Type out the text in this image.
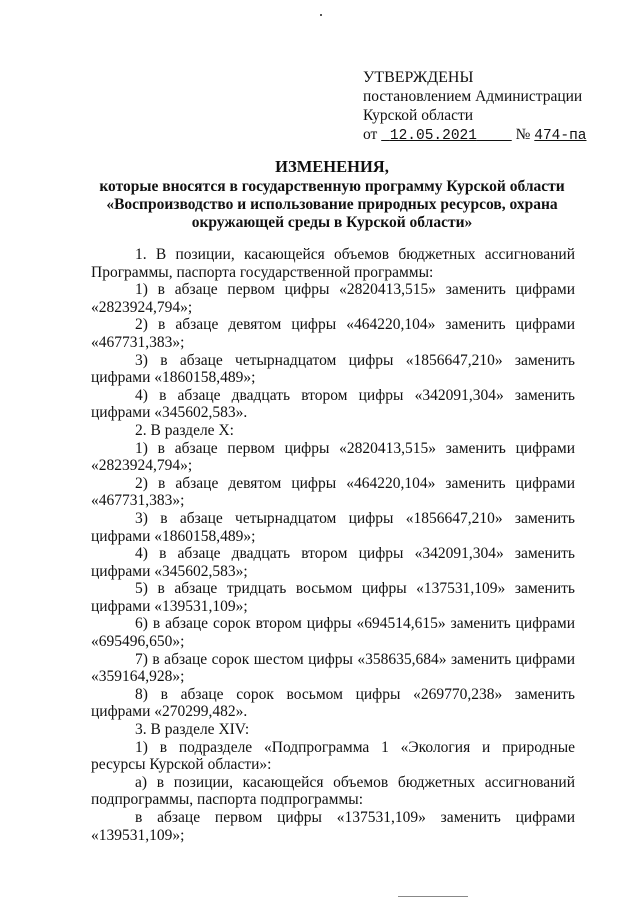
УТВЕРЖДЕНЫ
постановлением Администрации
Курской области
от 12.05.2021 № 474-па
ИЗМЕНЕНИЯ,
которые вносятся в государственную программу Курской области
«Воспроизводство и использование природных ресурсов, охрана
окружающей среды в Курской области»

1. В позиции, касающейся объемов бюджетных ассигнований Программы, паспорта государственной программы:

1) в абзаце первом цифры «2820413,515» заменить цифрами «2823924,794»;

2) в абзаце девятом цифры «464220,104» заменить цифрами «467731,383»;

3) в абзаце четырнадцатом цифры «1856647,210» заменить цифрами «1860158,489»;

4) в абзаце двадцать втором цифры «342091,304» заменить цифрами «345602,583».

2. В разделе X:

1) в абзаце первом цифры «2820413,515» заменить цифрами «2823924,794»;

2) в абзаце девятом цифры «464220,104» заменить цифрами «467731,383»;

3) в абзаце четырнадцатом цифры «1856647,210» заменить цифрами «1860158,489»;

4) в абзаце двадцать втором цифры «342091,304» заменить цифрами «345602,583»;

5) в абзаце тридцать восьмом цифры «137531,109» заменить цифрами «139531,109»;

6) в абзаце сорок втором цифры «694514,615» заменить цифрами «695496,650»;

7) в абзаце сорок шестом цифры «358635,684» заменить цифрами «359164,928»;

8) в абзаце сорок восьмом цифры «269770,238» заменить цифрами «270299,482».

3. В разделе XIV:

1) в подразделе «Подпрограмма 1 «Экология и природные ресурсы Курской области»:

а) в позиции, касающейся объемов бюджетных ассигнований подпрограммы, паспорта подпрограммы:

в абзаце первом цифры «137531,109» заменить цифрами «139531,109»;
